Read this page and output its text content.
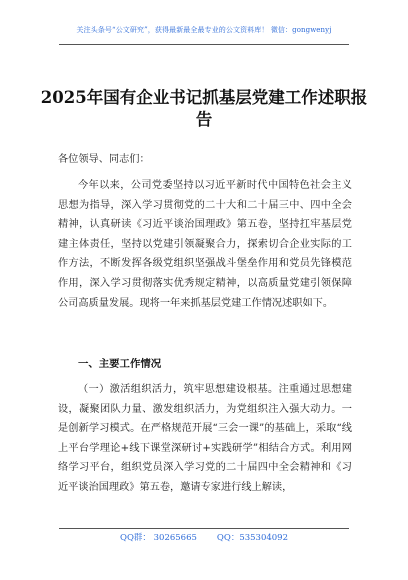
关注头条号“公文研究”，获得最新最全最专业的公文资料库！ 微信：gongwenyj
2025年国有企业书记抓基层党建工作述职报告
各位领导、同志们：
今年以来，公司党委坚持以习近平新时代中国特色社会主义思想为指导，深入学习贯彻党的二十大和二十届三中、四中全会精神，认真研读《习近平谈治国理政》第五卷，坚持扛牢基层党建主体责任，坚持以党建引领凝聚合力，探索切合企业实际的工作方法，不断发挥各级党组织坚强战斗堡垒作用和党员先锋模范作用，深入学习贯彻落实优秀规定精神，以高质量党建引领保障公司高质量发展。现将一年来抓基层党建工作情况述职如下。
一、主要工作情况
（一）激活组织活力，筑牢思想建设根基。注重通过思想建设，凝聚团队力量、激发组织活力，为党组织注入强大动力。一是创新学习模式。在严格规范开展“三会一课”的基础上，采取“线上平台学理论+线下课堂深研讨+实践研学”相结合方式。利用网络学习平台，组织党员深入学习党的二十届四中全会精神和《习近平谈治国理政》第五卷，邀请专家进行线上解读，
QQ群： 30265665 QQ：535304092
